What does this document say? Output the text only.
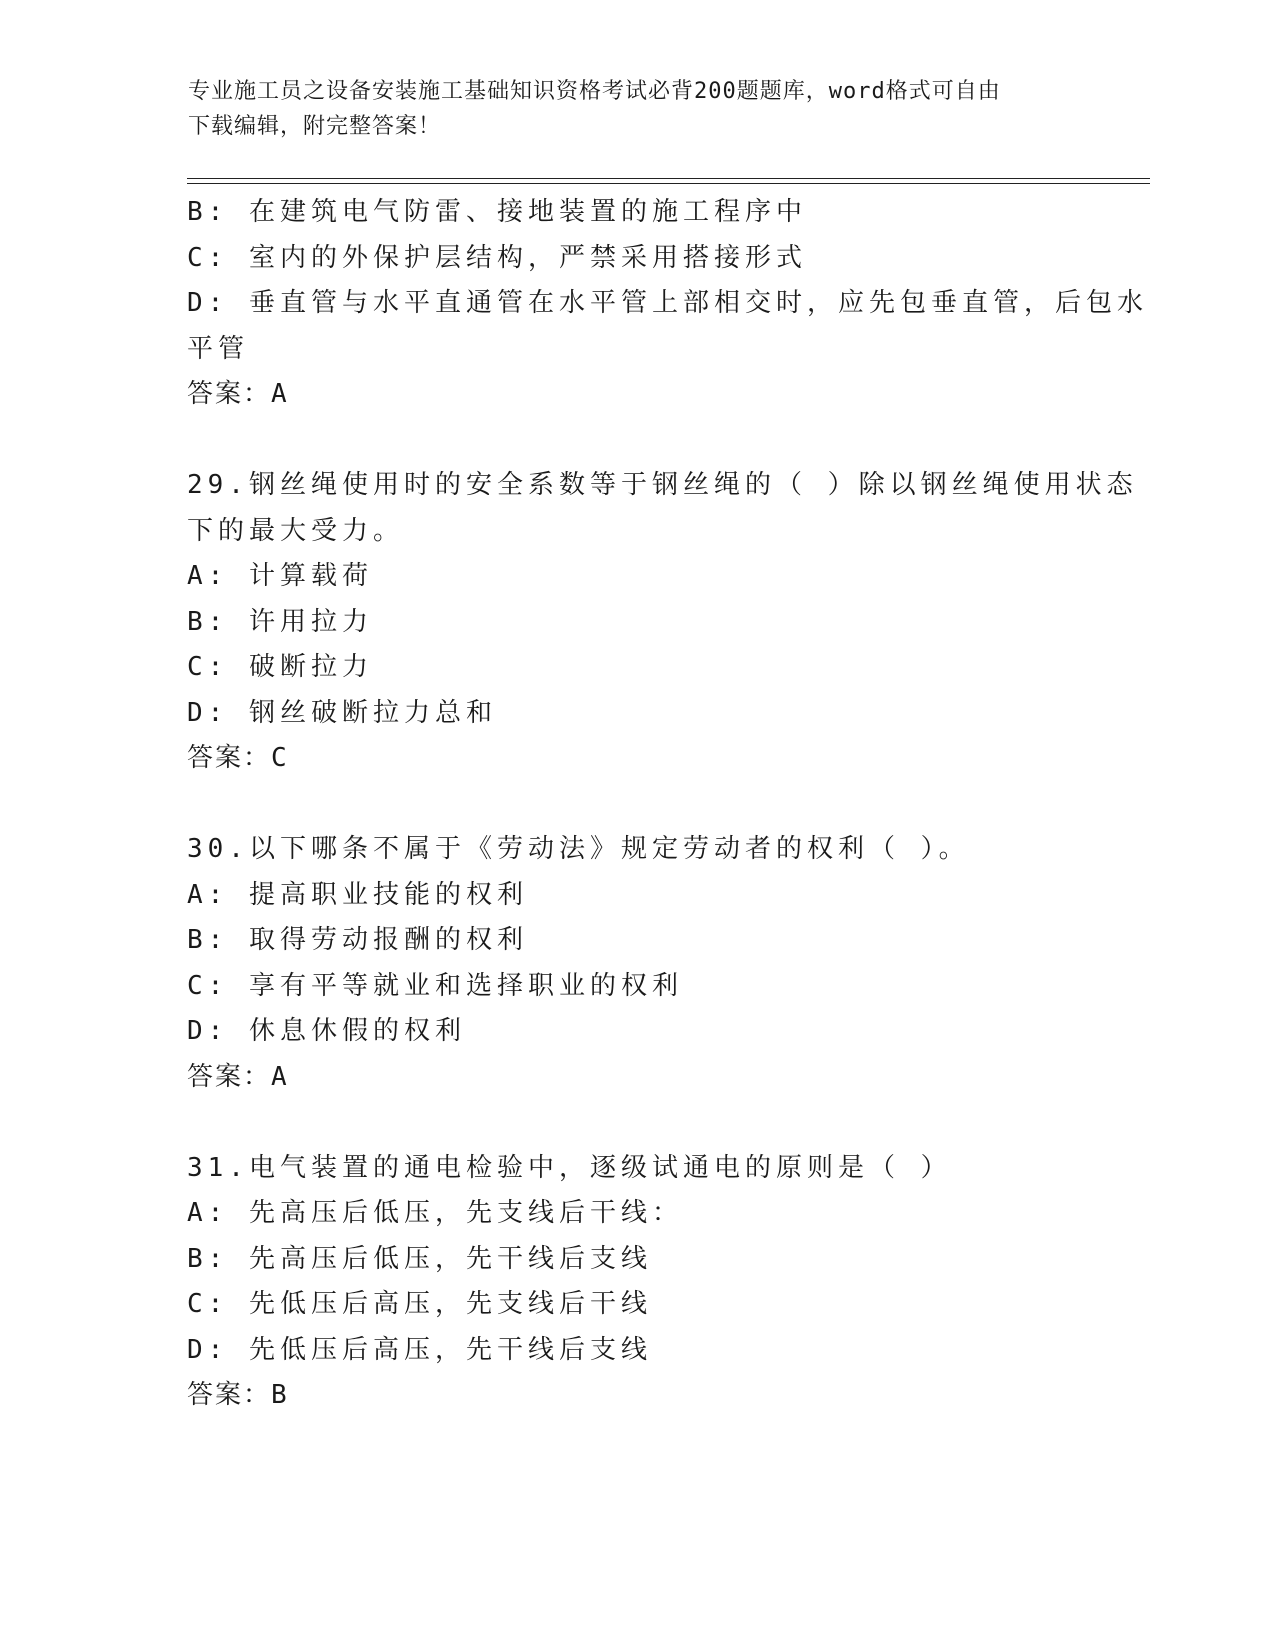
专业施工员之设备安装施工基础知识资格考试必背200题题库，word格式可自由
下载编辑，附完整答案！
B: 在建筑电气防雷、接地装置的施工程序中
C: 室内的外保护层结构，严禁采用搭接形式
D: 垂直管与水平直通管在水平管上部相交时，应先包垂直管，后包水
平管
答案：A
29.钢丝绳使用时的安全系数等于钢丝绳的（ ）除以钢丝绳使用状态
下的最大受力。
A: 计算载荷
B: 许用拉力
C: 破断拉力
D: 钢丝破断拉力总和
答案：C
30.以下哪条不属于《劳动法》规定劳动者的权利（ ）。
A: 提高职业技能的权利
B: 取得劳动报酬的权利
C: 享有平等就业和选择职业的权利
D: 休息休假的权利
答案：A
31.电气装置的通电检验中，逐级试通电的原则是（ ）
A: 先高压后低压，先支线后干线：
B: 先高压后低压，先干线后支线
C: 先低压后高压，先支线后干线
D: 先低压后高压，先干线后支线
答案：B
